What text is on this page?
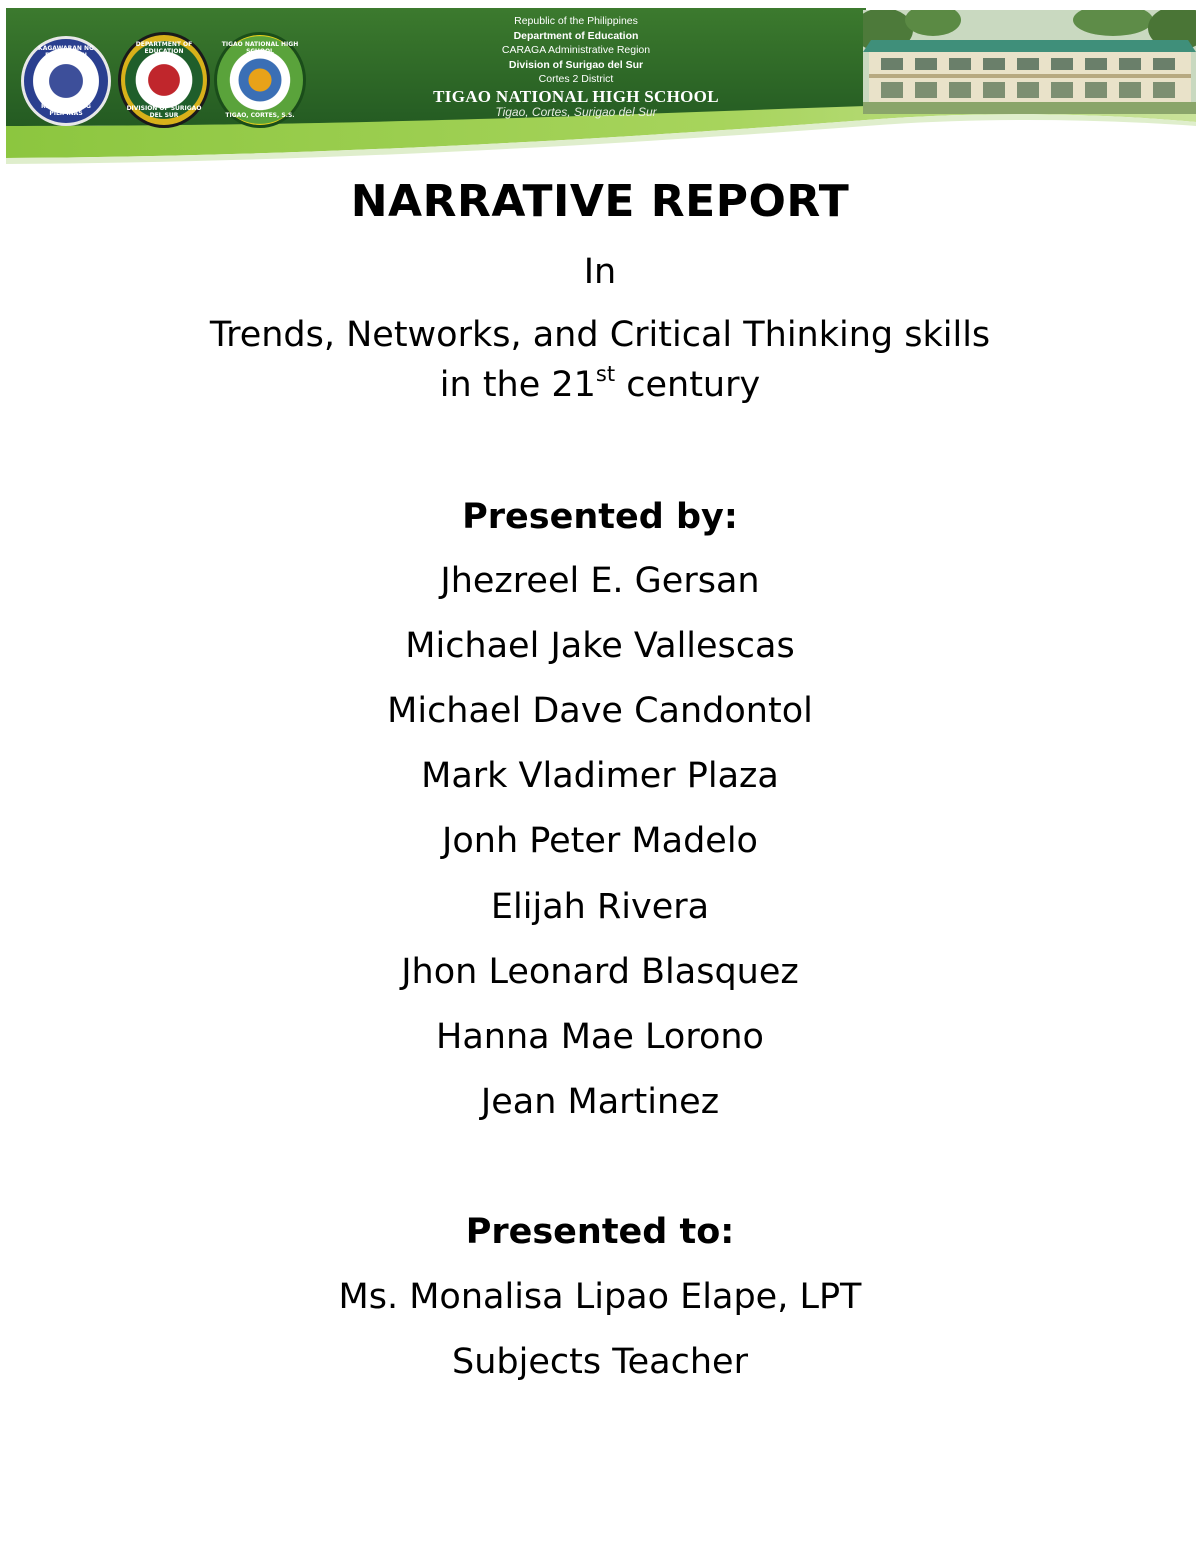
KAGAWARAN NG EDUKASYON
REPUBLIKA NG PILIPINAS
DEPARTMENT OF EDUCATION
DIVISION OF SURIGAO DEL SUR
TIGAO NATIONAL HIGH SCHOOL
TIGAO, CORTES, S.S.
Republic of the Philippines
Department of Education
CARAGA Administrative Region
Division of Surigao del Sur
Cortes 2 District
TIGAO NATIONAL HIGH SCHOOL
Tigao, Cortes, Surigao del Sur
NARRATIVE REPORT
In
Trends, Networks, and Critical Thinking skills
in the 21st century
Presented by:
Jhezreel E. Gersan
Michael Jake Vallescas
Michael Dave Candontol
Mark Vladimer Plaza
Jonh Peter Madelo
Elijah Rivera
Jhon Leonard Blasquez
Hanna Mae Lorono
Jean Martinez
Presented to:
Ms. Monalisa Lipao Elape, LPT
Subjects Teacher
